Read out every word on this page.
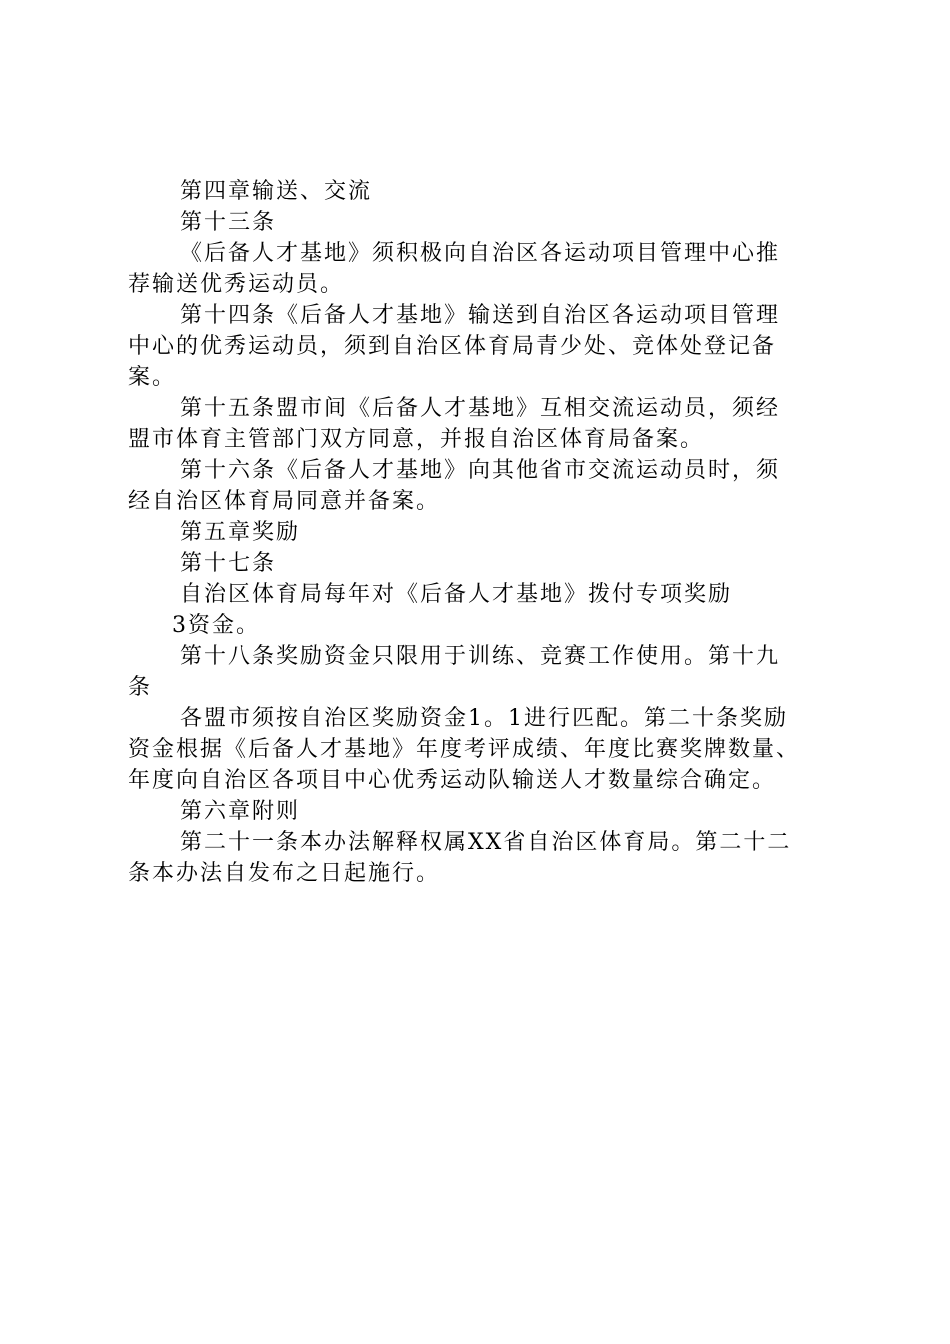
第四章输送、交流
第十三条
《后备人才基地》须积极向自治区各运动项目管理中心推
荐输送优秀运动员。
第十四条《后备人才基地》输送到自治区各运动项目管理
中心的优秀运动员，须到自治区体育局青少处、竞体处登记备
案。
第十五条盟市间《后备人才基地》互相交流运动员，须经
盟市体育主管部门双方同意，并报自治区体育局备案。
第十六条《后备人才基地》向其他省市交流运动员时，须
经自治区体育局同意并备案。
第五章奖励
第十七条
自治区体育局每年对《后备人才基地》拨付专项奖励
3资金。
第十八条奖励资金只限用于训练、竞赛工作使用。第十九
条
各盟市须按自治区奖励资金1。1进行匹配。第二十条奖励
资金根据《后备人才基地》年度考评成绩、年度比赛奖牌数量、
年度向自治区各项目中心优秀运动队输送人才数量综合确定。
第六章附则
第二十一条本办法解释权属XX省自治区体育局。第二十二
条本办法自发布之日起施行。
